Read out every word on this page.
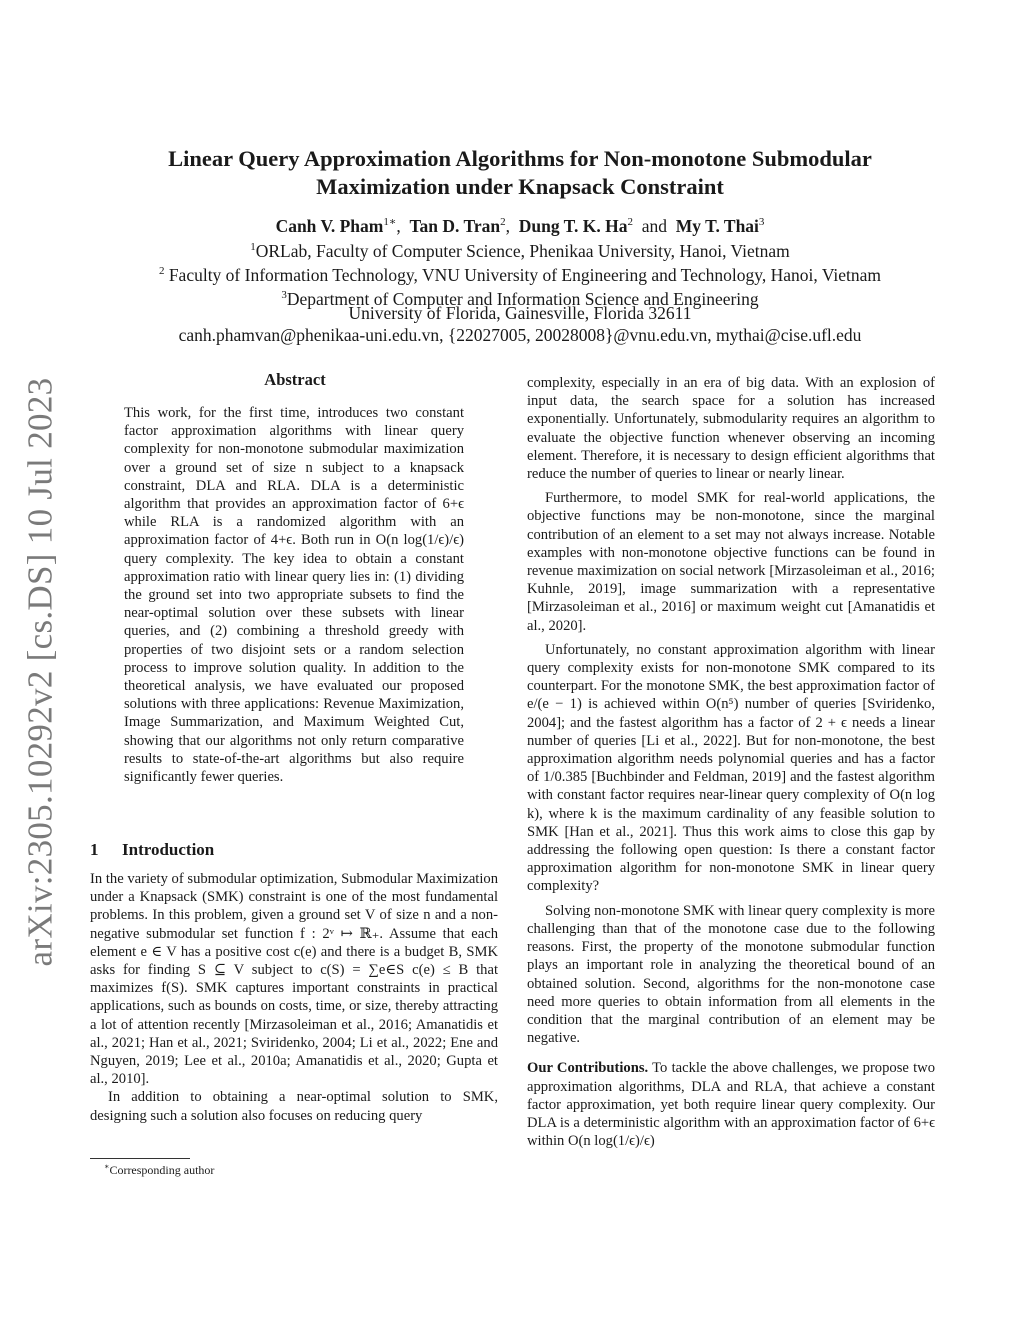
arXiv:2305.10292v2 [cs.DS] 10 Jul 2023
Linear Query Approximation Algorithms for Non-monotone Submodular Maximization under Knapsack Constraint
Canh V. Pham$^{1∗}$,  Tan D. Tran$^2$,  Dung T. K. Ha$^2$ and My T. Thai$^3$
$^1$ORLab, Faculty of Computer Science, Phenikaa University, Hanoi, Vietnam
$^2$ Faculty of Information Technology, VNU University of Engineering and Technology, Hanoi, Vietnam
$^3$Department of Computer and Information Science and Engineering
University of Florida, Gainesville, Florida 32611
canh.phamvan@phenikaa-uni.edu.vn, {22027005, 20028008}@vnu.edu.vn, mythai@cise.ufl.edu
Abstract

This work, for the first time, introduces two constant factor approximation algorithms with linear query complexity for non-monotone submodular maximization over a ground set of size n subject to a knapsack constraint, DLA and RLA. DLA is a deterministic algorithm that provides an approximation factor of 6+ϵ while RLA is a randomized algorithm with an approximation factor of 4+ϵ. Both run in O(n log(1/ϵ)/ϵ) query complexity. The key idea to obtain a constant approximation ratio with linear query lies in: (1) dividing the ground set into two appropriate subsets to find the near-optimal solution over these subsets with linear queries, and (2) combining a threshold greedy with properties of two disjoint sets or a random selection process to improve solution quality. In addition to the theoretical analysis, we have evaluated our proposed solutions with three applications: Revenue Maximization, Image Summarization, and Maximum Weighted Cut, showing that our algorithms not only return comparative results to state-of-the-art algorithms but also require significantly fewer queries.

1 Introduction

In the variety of submodular optimization, Submodular Maximization under a Knapsack (SMK) constraint is one of the most fundamental problems. In this problem, given a ground set V of size n and a non-negative submodular set function f : 2ᵛ ↦ ℝ₊. Assume that each element e ∈ V has a positive cost c(e) and there is a budget B, SMK asks for finding S ⊆ V subject to c(S) = ∑e∈S c(e) ≤ B that maximizes f(S). SMK captures important constraints in practical applications, such as bounds on costs, time, or size, thereby attracting a lot of attention recently [Mirzasoleiman et al., 2016; Amanatidis et al., 2021; Han et al., 2021; Sviridenko, 2004; Li et al., 2022; Ene and Nguyen, 2019; Lee et al., 2010a; Amanatidis et al., 2020; Gupta et al., 2010].

In addition to obtaining a near-optimal solution to SMK, designing such a solution also focuses on reducing query

∗Corresponding author

complexity, especially in an era of big data. With an explosion of input data, the search space for a solution has increased exponentially. Unfortunately, submodularity requires an algorithm to evaluate the objective function whenever observing an incoming element. Therefore, it is necessary to design efficient algorithms that reduce the number of queries to linear or nearly linear.

Furthermore, to model SMK for real-world applications, the objective functions may be non-monotone, since the marginal contribution of an element to a set may not always increase. Notable examples with non-monotone objective functions can be found in revenue maximization on social network [Mirzasoleiman et al., 2016; Kuhnle, 2019], image summarization with a representative [Mirzasoleiman et al., 2016] or maximum weight cut [Amanatidis et al., 2020].

Unfortunately, no constant approximation algorithm with linear query complexity exists for non-monotone SMK compared to its counterpart. For the monotone SMK, the best approximation factor of e/(e − 1) is achieved within O(n⁵) number of queries [Sviridenko, 2004]; and the fastest algorithm has a factor of 2 + ϵ needs a linear number of queries [Li et al., 2022]. But for non-monotone, the best approximation algorithm needs polynomial queries and has a factor of 1/0.385 [Buchbinder and Feldman, 2019] and the fastest algorithm with constant factor requires near-linear query complexity of O(n log k), where k is the maximum cardinality of any feasible solution to SMK [Han et al., 2021]. Thus this work aims to close this gap by addressing the following open question: Is there a constant factor approximation algorithm for non-monotone SMK in linear query complexity?

Solving non-monotone SMK with linear query complexity is more challenging than that of the monotone case due to the following reasons. First, the property of the monotone submodular function plays an important role in analyzing the theoretical bound of an obtained solution. Second, algorithms for the non-monotone case need more queries to obtain information from all elements in the condition that the marginal contribution of an element may be negative.

Our Contributions. To tackle the above challenges, we propose two approximation algorithms, DLA and RLA, that achieve a constant factor approximation, yet both require linear query complexity. Our DLA is a deterministic algorithm with an approximation factor of 6+ϵ within O(n log(1/ϵ)/ϵ)
